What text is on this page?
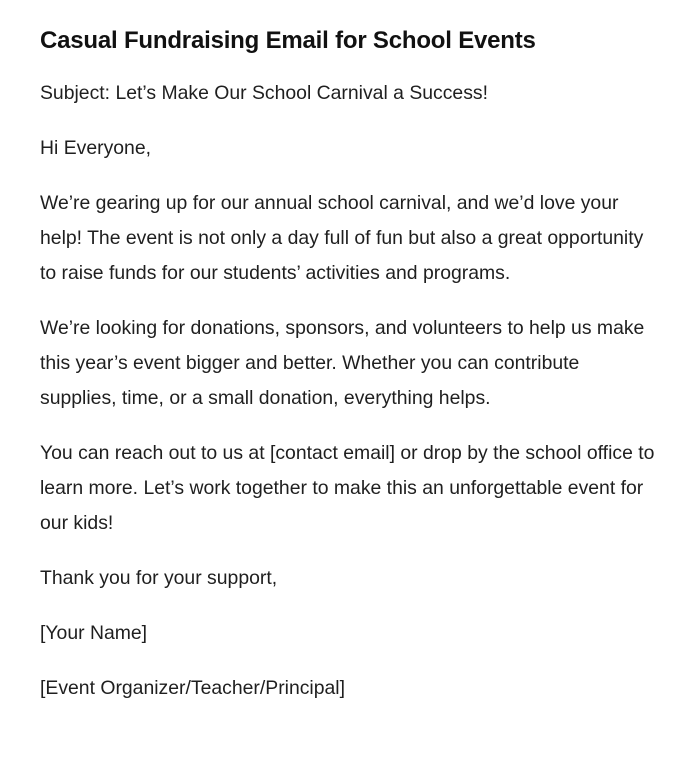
Casual Fundraising Email for School Events

Subject: Let’s Make Our School Carnival a Success!

Hi Everyone,

We’re gearing up for our annual school carnival, and we’d love your help! The event is not only a day full of fun but also a great opportunity to raise funds for our students’ activities and programs.

We’re looking for donations, sponsors, and volunteers to help us make this year’s event bigger and better. Whether you can contribute supplies, time, or a small donation, everything helps.

You can reach out to us at [contact email] or drop by the school office to learn more. Let’s work together to make this an unforgettable event for our kids!

Thank you for your support,

[Your Name]

[Event Organizer/Teacher/Principal]
